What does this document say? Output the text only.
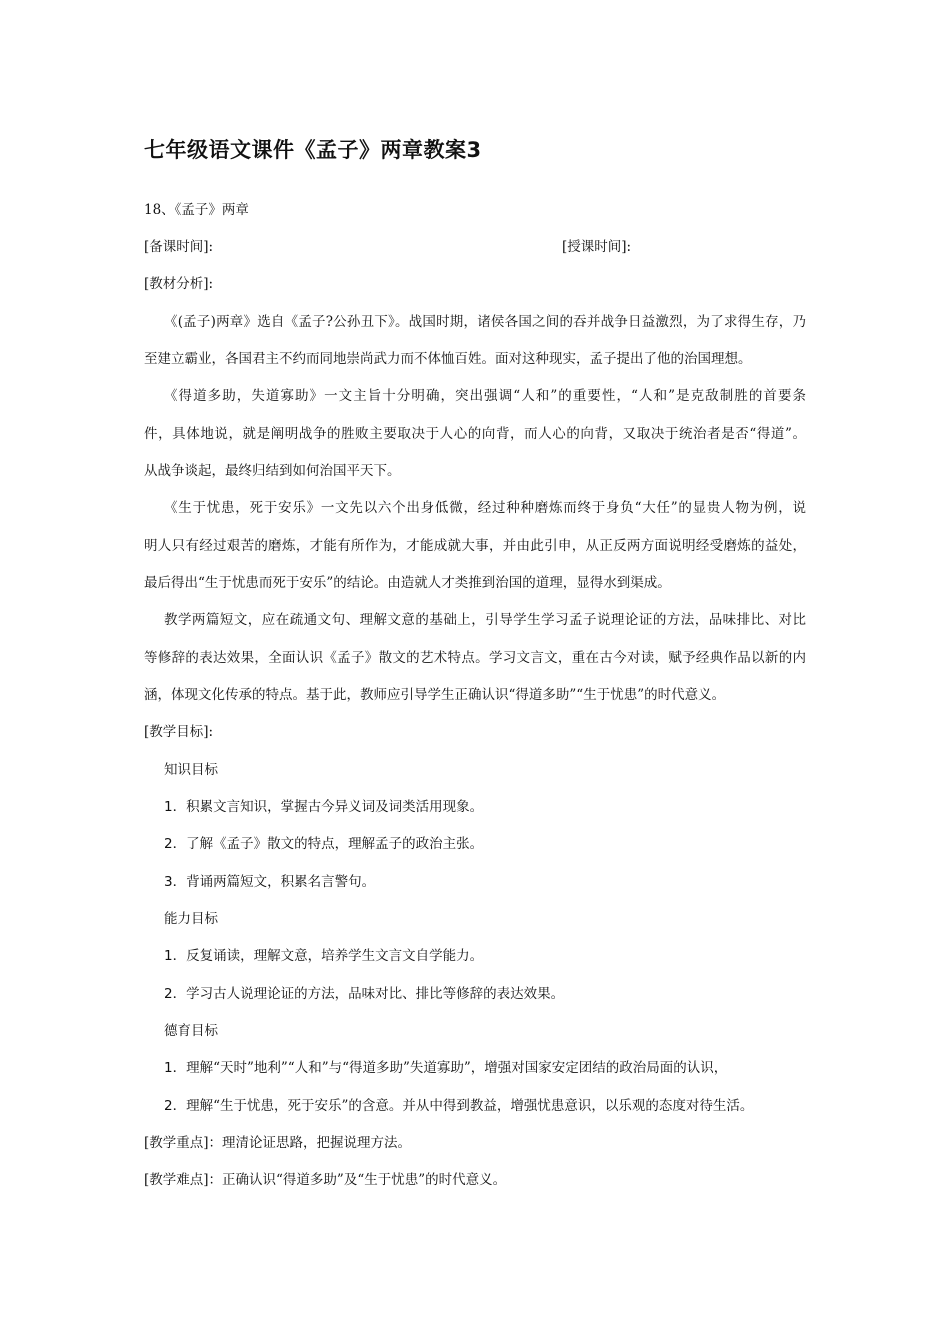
七年级语文课件《孟子》两章教案3
18、《孟子》两章
[备课时间]:	[授课时间]:
[教材分析]:
《(孟子)两章》选自《孟子?公孙丑下》。战国时期，诸侯各国之间的吞并战争日益激烈，为了求得生存，乃
至建立霸业，各国君主不约而同地崇尚武力而不体恤百姓。面对这种现实，孟子提出了他的治国理想。
《得道多助，失道寡助》一文主旨十分明确，突出强调“人和”的重要性，“人和”是克敌制胜的首要条
件，具体地说，就是阐明战争的胜败主要取决于人心的向背，而人心的向背，又取决于统治者是否“得道”。
从战争谈起，最终归结到如何治国平天下。
《生于忧患，死于安乐》一文先以六个出身低微，经过种种磨炼而终于身负“大任”的显贵人物为例，说
明人只有经过艰苦的磨炼，才能有所作为，才能成就大事，并由此引申，从正反两方面说明经受磨炼的益处，
最后得出“生于忧患而死于安乐”的结论。由造就人才类推到治国的道理，显得水到渠成。
教学两篇短文，应在疏通文句、理解文意的基础上，引导学生学习孟子说理论证的方法，品味排比、对比
等修辞的表达效果，全面认识《孟子》散文的艺术特点。学习文言文，重在古今对读，赋予经典作品以新的内
涵，体现文化传承的特点。基于此，教师应引导学生正确认识“得道多助”“生于忧患”的时代意义。
[教学目标]:
知识目标
1．积累文言知识，掌握古今异义词及词类活用现象。
2．了解《孟子》散文的特点，理解孟子的政治主张。
3．背诵两篇短文，积累名言警句。
能力目标
1．反复诵读，理解文意，培养学生文言文自学能力。
2．学习古人说理论证的方法，品味对比、排比等修辞的表达效果。
德育目标
1．理解“天时”地利”“人和”与“得道多助”失道寡助”，增强对国家安定团结的政治局面的认识，
2．理解“生于忧患，死于安乐”的含意。并从中得到教益，增强忧患意识，以乐观的态度对待生活。
[教学重点]：理清论证思路，把握说理方法。
[教学难点]：正确认识“得道多助”及“生于忧患”的时代意义。
